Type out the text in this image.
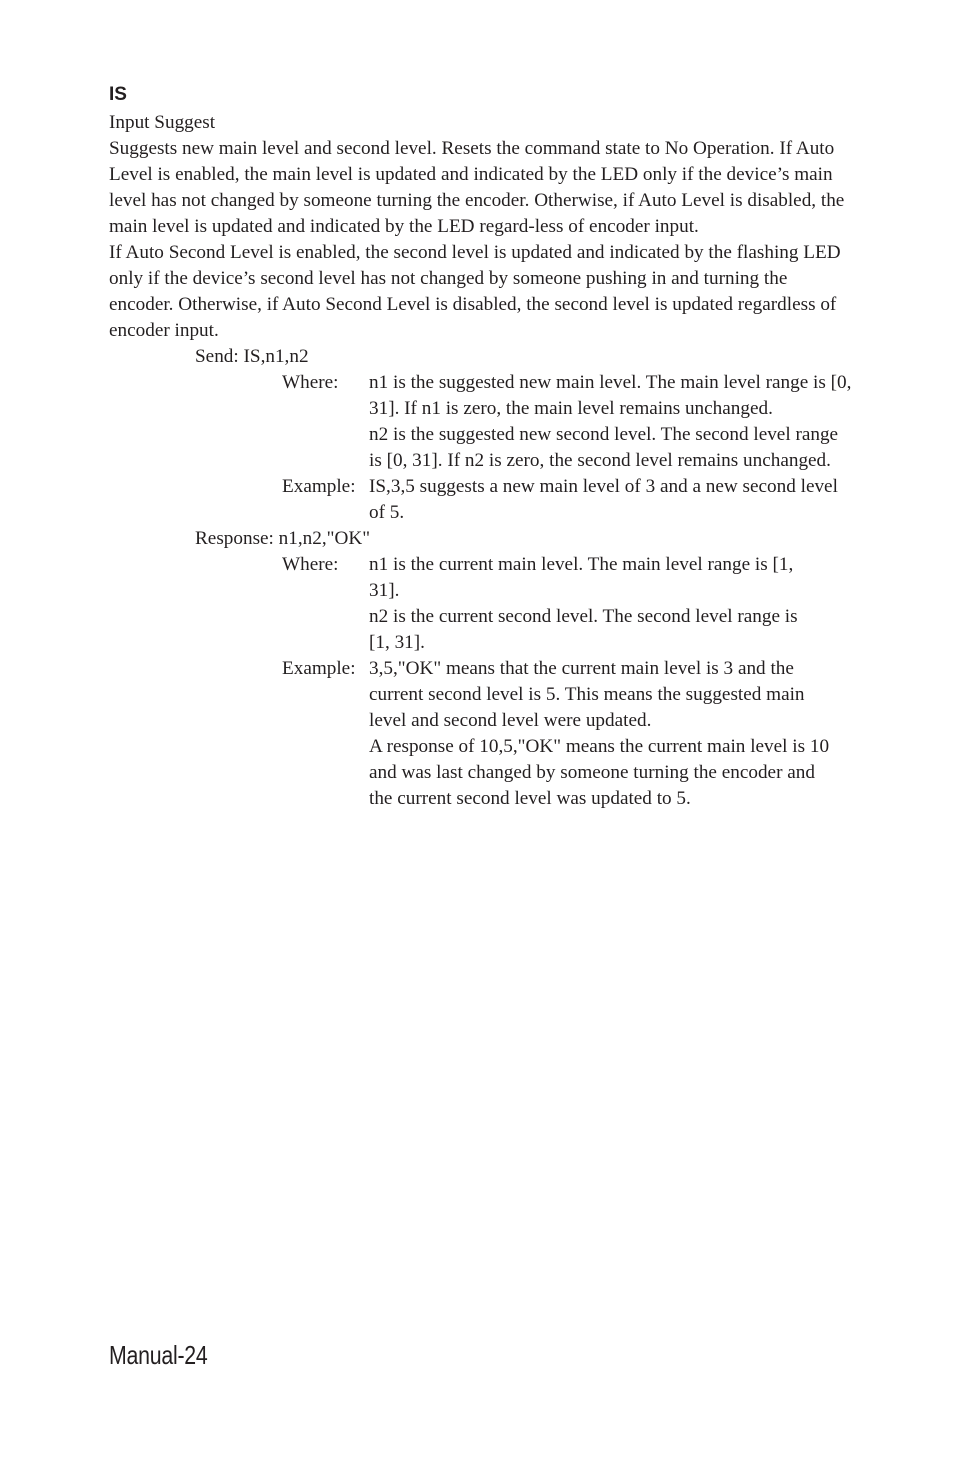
IS

Input Suggest

Suggests new main level and second level. Resets the command state to No Operation. If Auto Level is enabled, the main level is updated and indicated by the LED only if the device’s main level has not changed by someone turning the encoder. Otherwise, if Auto Level is disabled, the main level is updated and indicated by the LED regard-less of encoder input.

If Auto Second Level is enabled, the second level is updated and indicated by the flashing LED only if the device’s second level has not changed by someone pushing in and turning the encoder. Otherwise, if Auto Second Level is disabled, the second level is updated regardless of encoder input.

Send: IS,n1,n2
Where:	n1 is the suggested new main level. The main level range is [0, 31]. If n1 is zero, the main level remains unchanged.

n2 is the suggested new second level. The second level range is [0, 31]. If n2 is zero, the second level remains unchanged.

Example: IS,3,5 suggests a new main level of 3 and a new second level of 5.
Response: n1,n2,"OK"
Where:	n1 is the current main level. The main level range is [1, 31].

n2 is the current second level. The second level range is [1, 31].

Example: 3,5,"OK" means that the current main level is 3 and the current second level is 5. This means the suggested main level and second level were updated.

A response of 10,5,"OK" means the current main level is 10 and was last changed by someone turning the encoder and the current second level was updated to 5.

Manual-24
